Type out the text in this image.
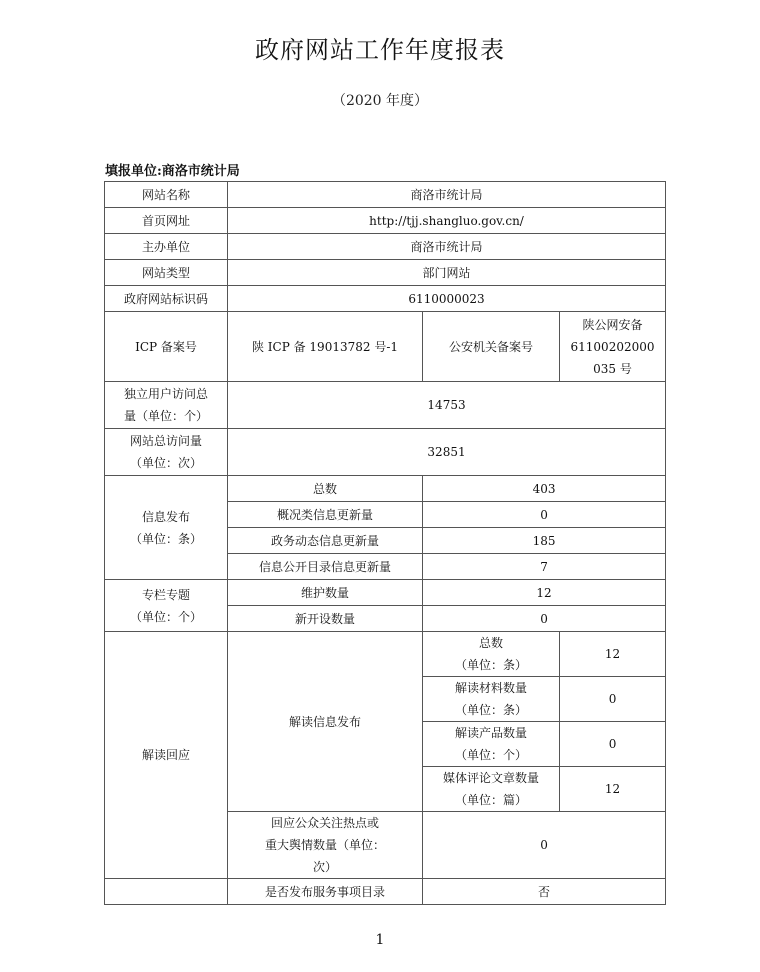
政府网站工作年度报表
（2020 年度）
填报单位:商洛市统计局
网站名称	商洛市统计局		
首页网址	http://tjj.shangluo.gov.cn/		
主办单位	商洛市统计局		
网站类型	部门网站		
政府网站标识码	6110000023		
ICP 备案号	陕 ICP 备 19013782 号-1	公安机关备案号	陕公网安备
61100202000
035 号
独立用户访问总
量（单位：个）	14753		
网站总访问量
（单位：次）	32851		
信息发布
（单位：条）	总数	403	
	概况类信息更新量	0	
	政务动态信息更新量	185	
	信息公开目录信息更新量	7	
专栏专题
（单位：个）	维护数量	12	
	新开设数量	0	
解读回应	解读信息发布	总数
（单位：条）	12
		解读材料数量
（单位：条）	0
		解读产品数量
（单位：个）	0
		媒体评论文章数量
（单位：篇）	12
	回应公众关注热点或
重大舆情数量（单位：
次）	0	
	是否发布服务事项目录	否	
1
